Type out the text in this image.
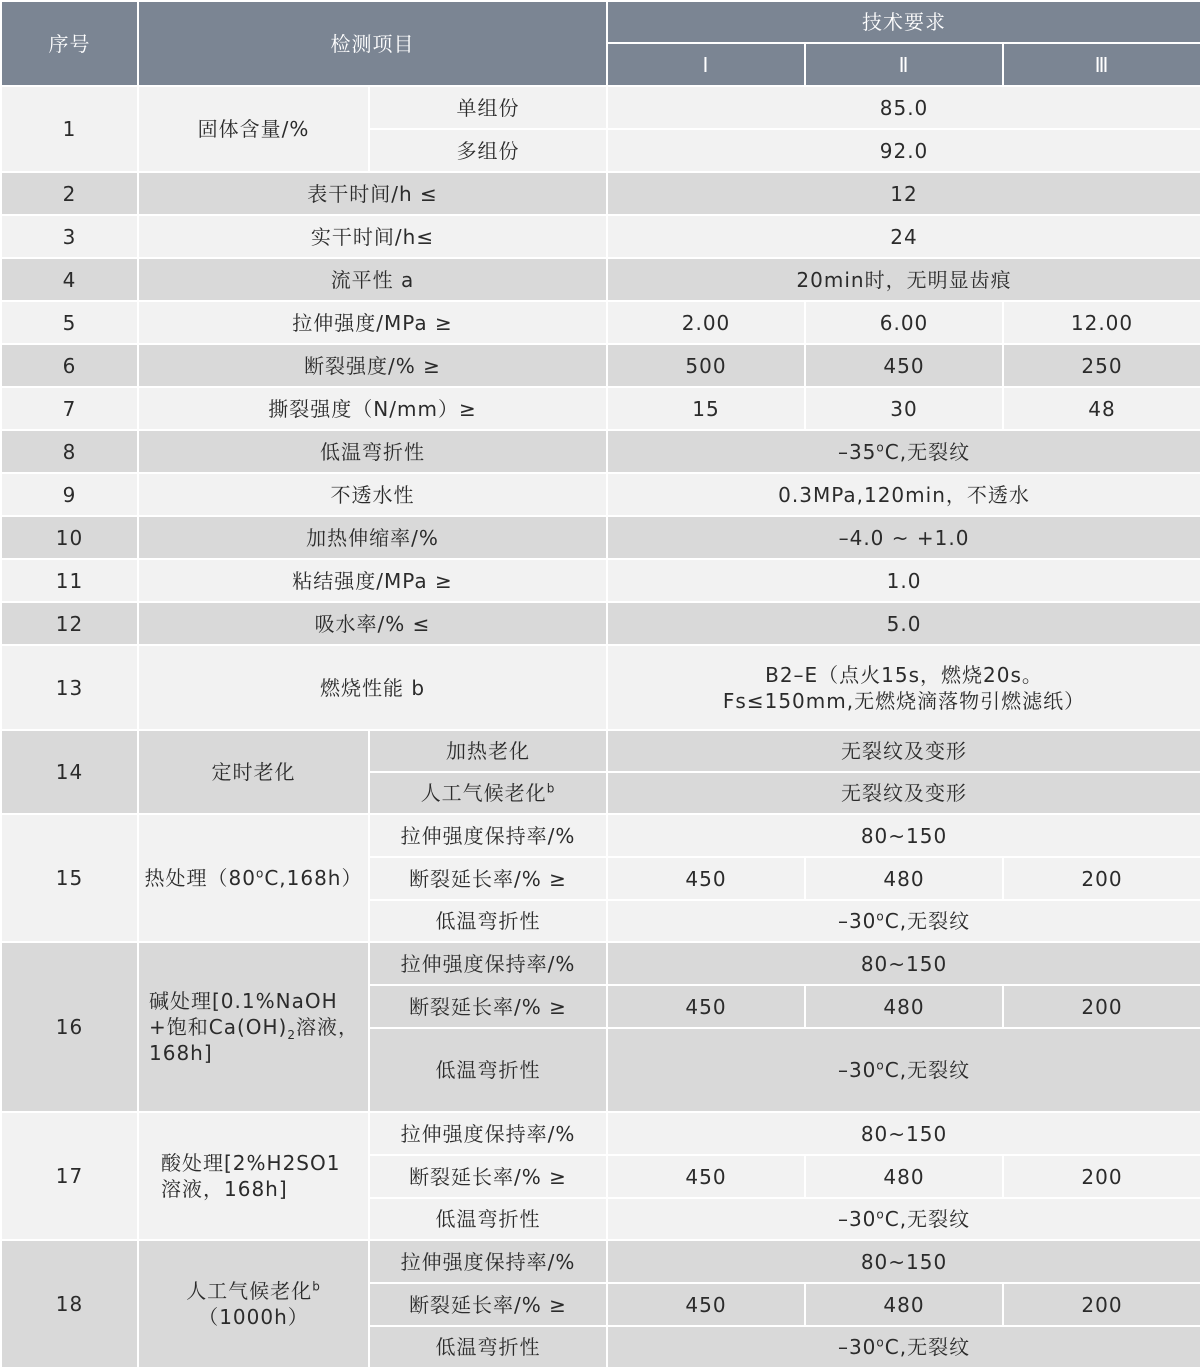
序号	检测项目		技术要求		
			Ⅰ	Ⅱ	Ⅲ
1	固体含量/%	单组份	85.0		
		多组份	92.0		
2	表干时间/h ≤		12		
3	实干时间/h≤		24		
4	流平性 a		20min时，无明显齿痕		
5	拉伸强度/MPa ≥		2.00	6.00	12.00
6	断裂强度/% ≥		500	450	250
7	撕裂强度（N/mm）≥		15	30	48
8	低温弯折性		–35$^o$C,无裂纹		
9	不透水性		0.3MPa,120min，不透水		
10	加热伸缩率/%		–4.0 ~ +1.0		
11	粘结强度/MPa ≥		1.0		
12	吸水率/% ≤		5.0		
13	燃烧性能 b		B2–E（点火15s，燃烧20s。
Fs≤150mm,无燃烧滴落物引燃滤纸）		

14	定时老化	加热老化	无裂纹及变形		
		人工气候老化$^b$	无裂纹及变形		
15	热处理（80$^o$C,168h）	拉伸强度保持率/%	80~150		
		断裂延长率/% ≥	450	480	200
		低温弯折性	–30$^o$C,无裂纹		
16	碱处理[0.1%NaOH
+饱和$Ca(OH)_2$溶液，
168h]	拉伸强度保持率/%	80~150		
		断裂延长率/% ≥	450	480	200
		低温弯折性	–30$^o$C,无裂纹		
17	酸处理[2%H2SO1
溶液，168h]	拉伸强度保持率/%	80~150		
		断裂延长率/% ≥	450	480	200
		低温弯折性	–30$^o$C,无裂纹		
18	人工气候老化$^b$
（1000h）	拉伸强度保持率/%	80~150		
		断裂延长率/% ≥	450	480	200
		低温弯折性	–30$^o$C,无裂纹		
